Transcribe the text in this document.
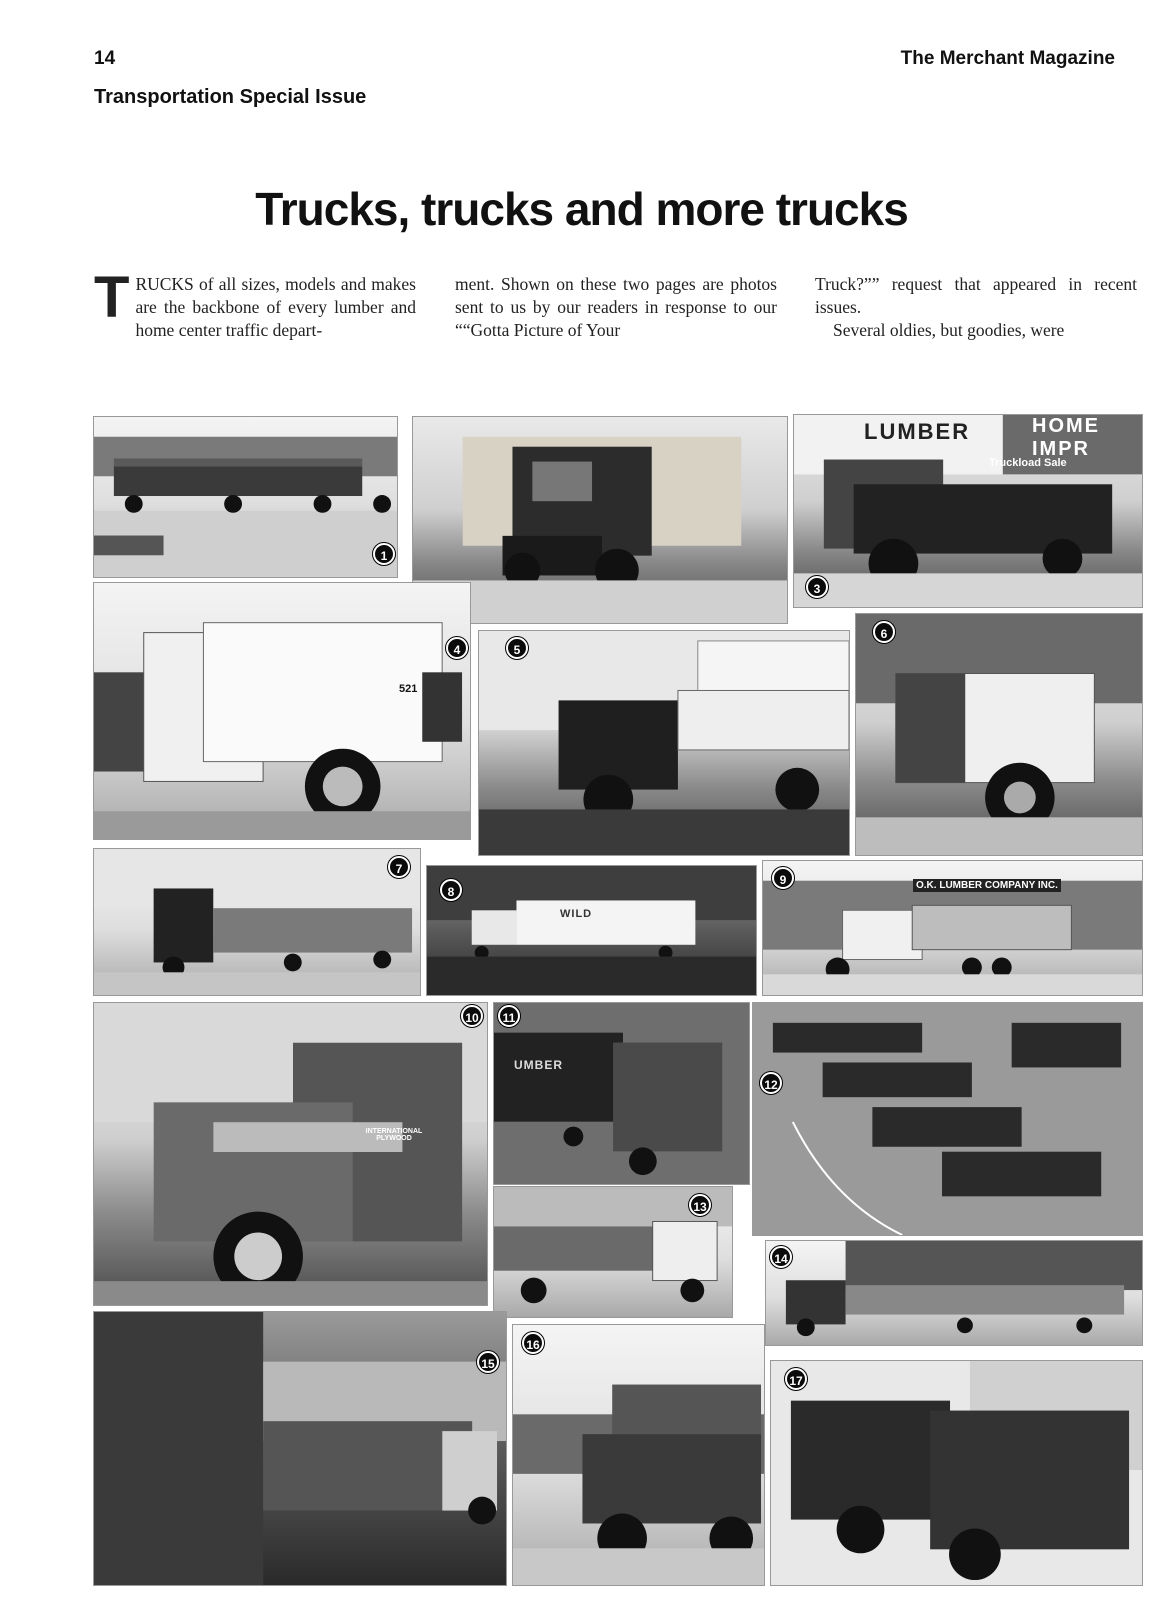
14	The Merchant Magazine
Transportation Special Issue
Trucks, trucks and more trucks
T RUCKS of all sizes, models and makes are the backbone of every lumber and home center traffic depart-
ment. Shown on these two pages are photos sent to us by our readers in response to our ““Gotta Picture of Your
Truck?”” request that appeared in recent issues.
Several oldies, but goodies, were
1
LUMBER	HOME IMPR
Truckload Sale
3
521
4	5
6
7
WILD
8	O.K. LUMBER COMPANY INC.
9
INTERNATIONAL PLYWOOD
10
UMBER
11
12
13
14
15
16
17
